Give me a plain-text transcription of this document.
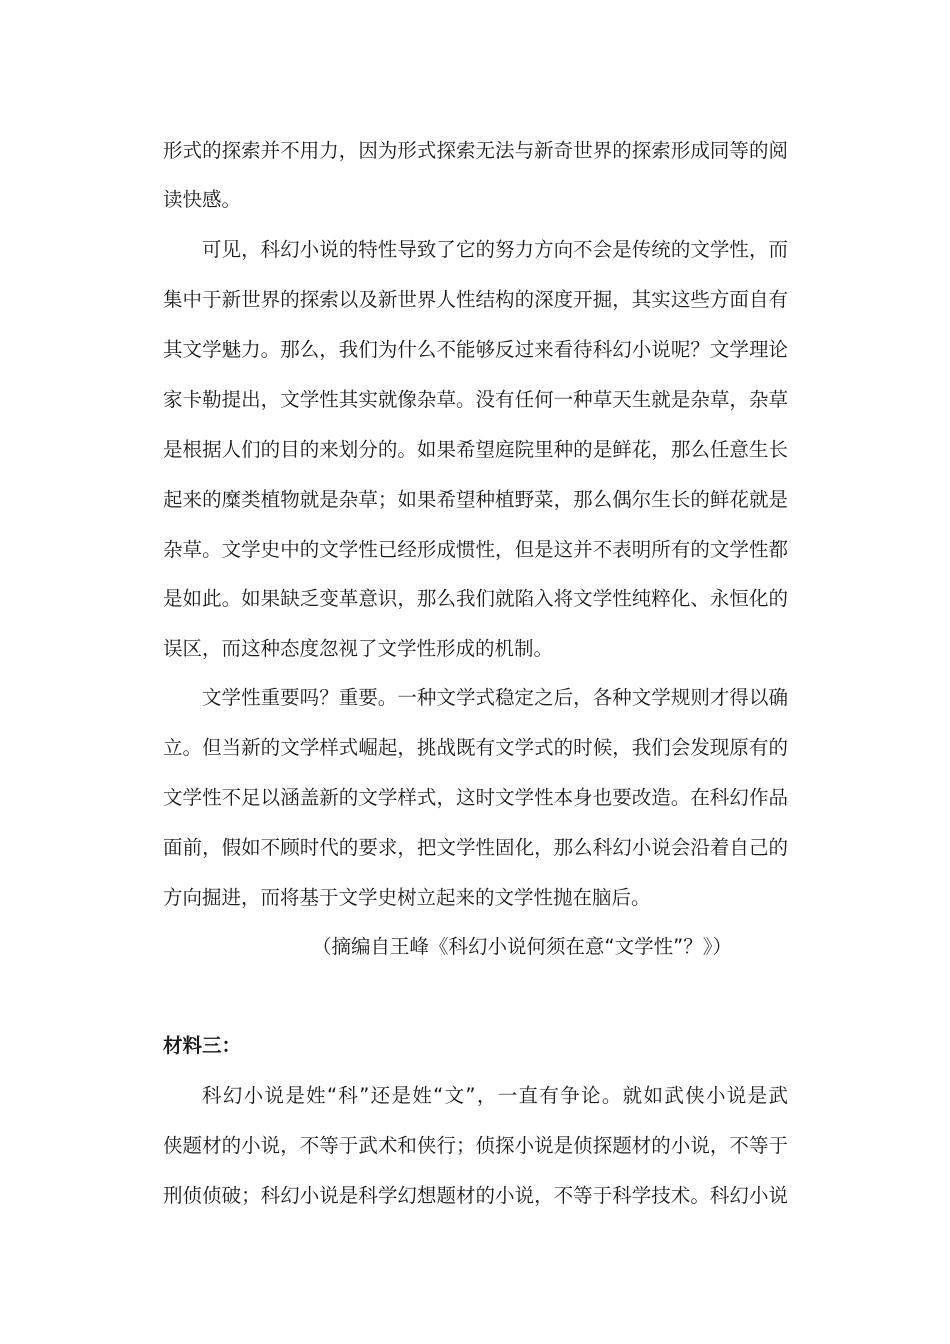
形式的探索并不用力，因为形式探索无法与新奇世界的探索形成同等的阅
读快感。
可见，科幻小说的特性导致了它的努力方向不会是传统的文学性，而
集中于新世界的探索以及新世界人性结构的深度开掘，其实这些方面自有
其文学魅力。那么，我们为什么不能够反过来看待科幻小说呢？文学理论
家卡勒提出，文学性其实就像杂草。没有任何一种草天生就是杂草，杂草
是根据人们的目的来划分的。如果希望庭院里种的是鲜花，那么任意生长
起来的糜类植物就是杂草；如果希望种植野菜，那么偶尔生长的鲜花就是
杂草。文学史中的文学性已经形成惯性，但是这并不表明所有的文学性都
是如此。如果缺乏变革意识，那么我们就陷入将文学性纯粹化、永恒化的
误区，而这种态度忽视了文学性形成的机制。
文学性重要吗？重要。一种文学式稳定之后，各种文学规则才得以确
立。但当新的文学样式崛起，挑战既有文学式的时候，我们会发现原有的
文学性不足以涵盖新的文学样式，这时文学性本身也要改造。在科幻作品
面前，假如不顾时代的要求，把文学性固化，那么科幻小说会沿着自己的
方向掘进，而将基于文学史树立起来的文学性抛在脑后。
（摘编自王峰《科幻小说何须在意“文学性”？》）
材料三：
科幻小说是姓“科”还是姓“文”，一直有争论。就如武侠小说是武
侠题材的小说，不等于武术和侠行；侦探小说是侦探题材的小说，不等于
刑侦侦破；科幻小说是科学幻想题材的小说，不等于科学技术。科幻小说
